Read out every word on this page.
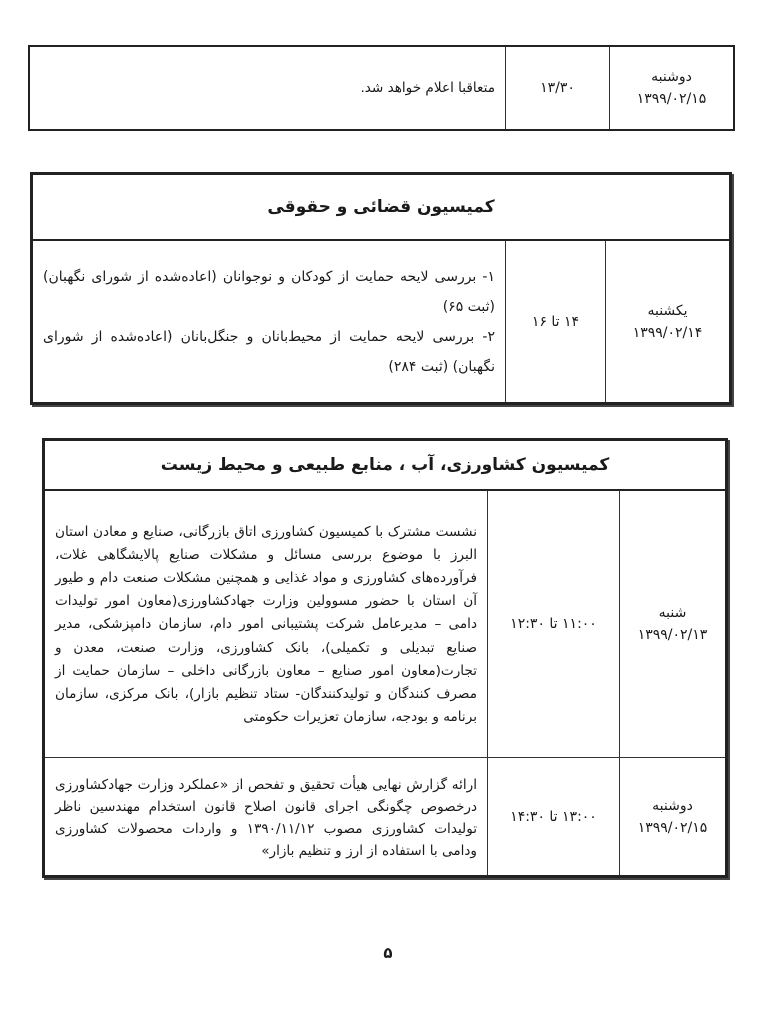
دوشنبه
۱۳۹۹/۰۲/۱۵
۱۳/۳۰
متعاقبا اعلام خواهد شد.
کمیسیون قضائی و حقوقی
یکشنبه
۱۳۹۹/۰۲/۱۴
۱۴ تا ۱۶
۱- بررسی لایحه حمایت از کودکان و نوجوانان (اعاده‌شده از شورای نگهبان) (ثبت ۶۵)
۲- بررسی لایحه حمایت از محیط‌بانان و جنگل‌بانان (اعاده‌شده از شورای نگهبان) (ثبت ۲۸۴)
کمیسیون کشاورزی، آب ، منابع طبیعی و محیط زیست
شنبه
۱۳۹۹/۰۲/۱۳
۱۱:۰۰ تا ۱۲:۳۰
نشست مشترک با کمیسیون کشاورزی اتاق بازرگانی، صنایع و معادن استان البرز با موضوع بررسی مسائل و مشکلات صنایع پالایشگاهی غلات، فرآورده‌های کشاورزی و مواد غذایی و همچنین مشکلات صنعت دام و طیور آن استان با حضور مسوولین وزارت جهادکشاورزی(معاون امور تولیدات دامی – مدیرعامل شرکت پشتیبانی امور دام، سازمان دامپزشکی، مدیر صنایع تبدیلی و تکمیلی)، بانک کشاورزی، وزارت صنعت، معدن و تجارت(معاون امور صنایع – معاون بازرگانی داخلی – سازمان حمایت از مصرف کنندگان و تولیدکنندگان- ستاد تنظیم بازار)، بانک مرکزی، سازمان برنامه و بودجه، سازمان تعزیرات حکومتی
دوشنبه
۱۳۹۹/۰۲/۱۵
۱۳:۰۰ تا ۱۴:۳۰
ارائه گزارش نهایی هیأت تحقیق و تفحص از «عملکرد وزارت جهادکشاورزی درخصوص چگونگی اجرای قانون اصلاح قانون استخدام مهندسین ناظر تولیدات کشاورزی مصوب ۱۳۹۰/۱۱/۱۲ و واردات محصولات کشاورزی ودامی با استفاده از ارز و تنظیم بازار»
۵
